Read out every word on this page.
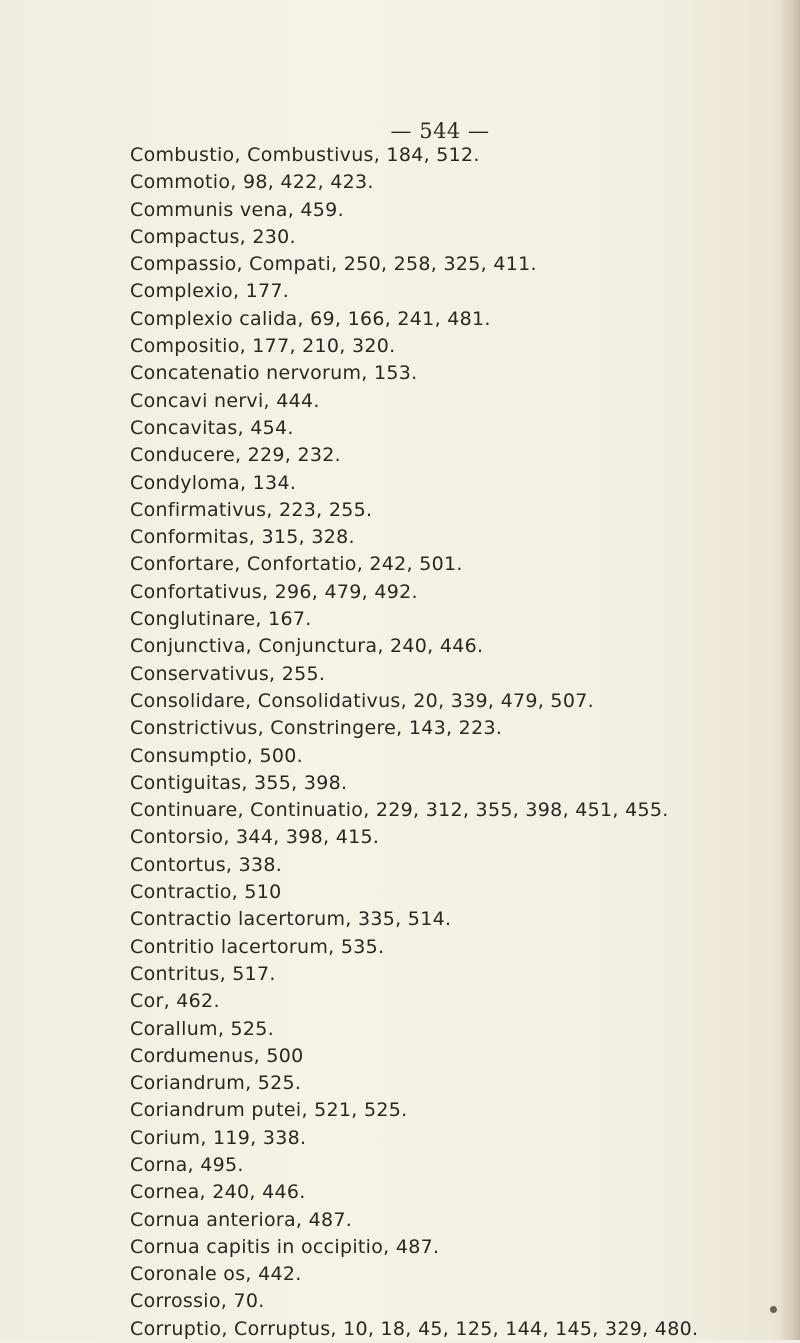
— 544 —
Combustio, Combustivus, 184, 512.
Commotio, 98, 422, 423.
Communis vena, 459.
Compactus, 230.
Compassio, Compati, 250, 258, 325, 411.
Complexio, 177.
Complexio calida, 69, 166, 241, 481.
Compositio, 177, 210, 320.
Concatenatio nervorum, 153.
Concavi nervi, 444.
Concavitas, 454.
Conducere, 229, 232.
Condyloma, 134.
Confirmativus, 223, 255.
Conformitas, 315, 328.
Confortare, Confortatio, 242, 501.
Confortativus, 296, 479, 492.
Conglutinare, 167.
Conjunctiva, Conjunctura, 240, 446.
Conservativus, 255.
Consolidare, Consolidativus, 20, 339, 479, 507.
Constrictivus, Constringere, 143, 223.
Consumptio, 500.
Contiguitas, 355, 398.
Continuare, Continuatio, 229, 312, 355, 398, 451, 455.
Contorsio, 344, 398, 415.
Contortus, 338.
Contractio, 510
Contractio lacertorum, 335, 514.
Contritio lacertorum, 535.
Contritus, 517.
Cor, 462.
Corallum, 525.
Cordumenus, 500
Coriandrum, 525.
Coriandrum putei, 521, 525.
Corium, 119, 338.
Corna, 495.
Cornea, 240, 446.
Cornua anteriora, 487.
Cornua capitis in occipitio, 487.
Coronale os, 442.
Corrossio, 70.
Corruptio, Corruptus, 10, 18, 45, 125, 144, 145, 329, 480.
